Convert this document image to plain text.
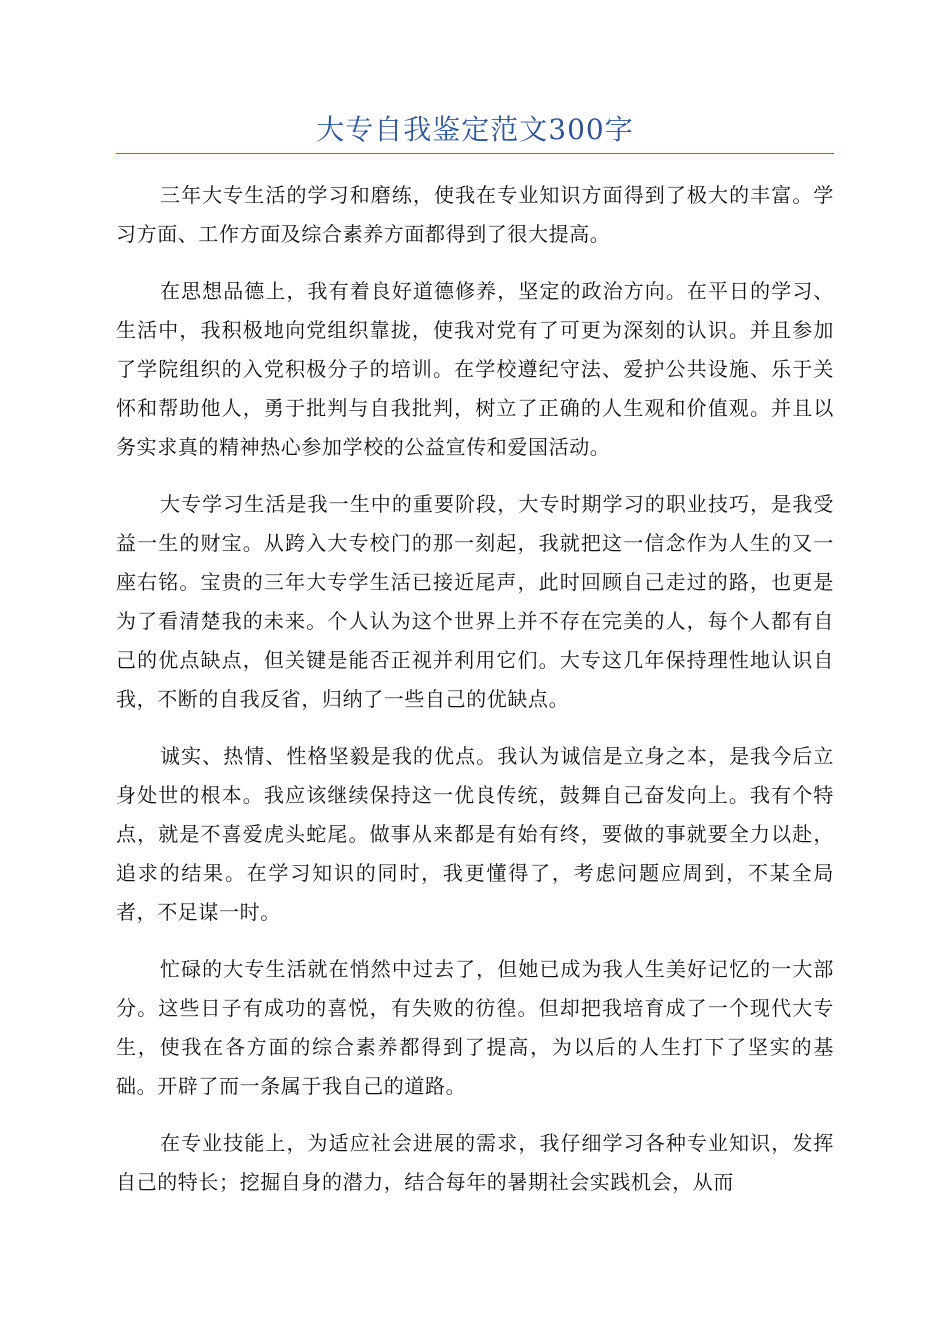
大专自我鉴定范文300字

三年大专生活的学习和磨练，使我在专业知识方面得到了极大的丰富。学习方面、工作方面及综合素养方面都得到了很大提高。

在思想品德上，我有着良好道德修养，坚定的政治方向。在平日的学习、生活中，我积极地向党组织靠拢，使我对党有了可更为深刻的认识。并且参加了学院组织的入党积极分子的培训。在学校遵纪守法、爱护公共设施、乐于关怀和帮助他人，勇于批判与自我批判，树立了正确的人生观和价值观。并且以务实求真的精神热心参加学校的公益宣传和爱国活动。

大专学习生活是我一生中的重要阶段，大专时期学习的职业技巧，是我受益一生的财宝。从跨入大专校门的那一刻起，我就把这一信念作为人生的又一座右铭。宝贵的三年大专学生活已接近尾声，此时回顾自己走过的路，也更是为了看清楚我的未来。个人认为这个世界上并不存在完美的人，每个人都有自己的优点缺点，但关键是能否正视并利用它们。大专这几年保持理性地认识自我，不断的自我反省，归纳了一些自己的优缺点。

诚实、热情、性格坚毅是我的优点。我认为诚信是立身之本，是我今后立身处世的根本。我应该继续保持这一优良传统，鼓舞自己奋发向上。我有个特点，就是不喜爱虎头蛇尾。做事从来都是有始有终，要做的事就要全力以赴，追求的结果。在学习知识的同时，我更懂得了，考虑问题应周到，不某全局者，不足谋一时。

忙碌的大专生活就在悄然中过去了，但她已成为我人生美好记忆的一大部分。这些日子有成功的喜悦，有失败的彷徨。但却把我培育成了一个现代大专生，使我在各方面的综合素养都得到了提高，为以后的人生打下了坚实的基础。开辟了而一条属于我自己的道路。

在专业技能上，为适应社会进展的需求，我仔细学习各种专业知识，发挥自己的特长；挖掘自身的潜力，结合每年的暑期社会实践机会，从而
